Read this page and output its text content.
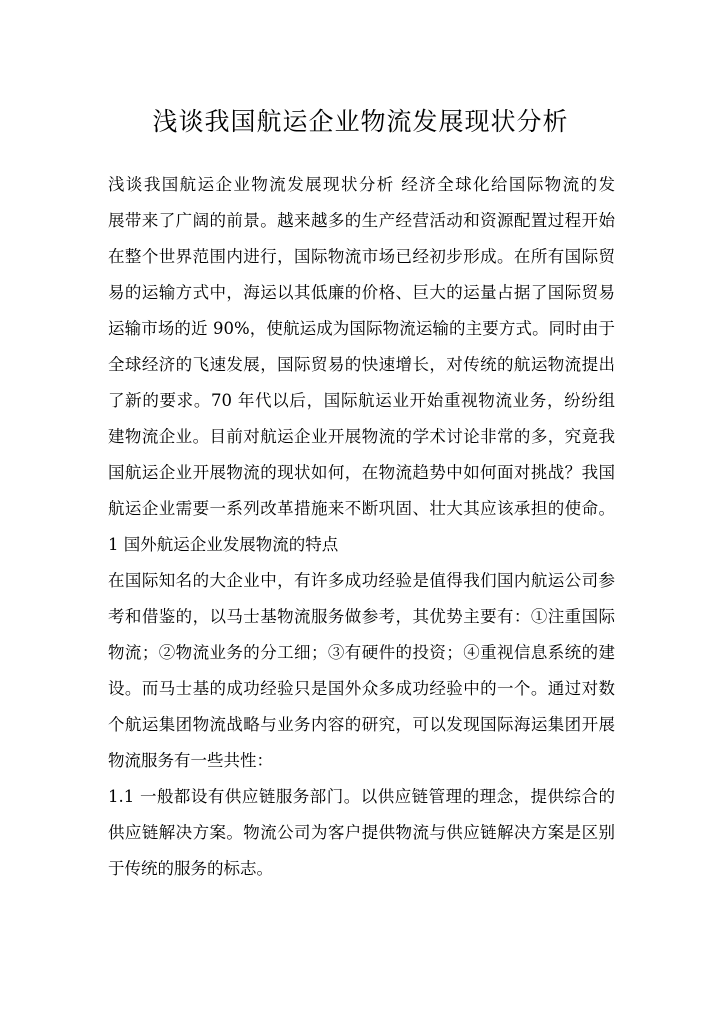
浅谈我国航运企业物流发展现状分析
浅谈我国航运企业物流发展现状分析 经济全球化给国际物流的发
展带来了广阔的前景。越来越多的生产经营活动和资源配置过程开始
在整个世界范围内进行，国际物流市场已经初步形成。在所有国际贸
易的运输方式中，海运以其低廉的价格、巨大的运量占据了国际贸易
运输市场的近 90%，使航运成为国际物流运输的主要方式。同时由于
全球经济的飞速发展，国际贸易的快速增长，对传统的航运物流提出
了新的要求。70 年代以后，国际航运业开始重视物流业务，纷纷组
建物流企业。目前对航运企业开展物流的学术讨论非常的多，究竟我
国航运企业开展物流的现状如何，在物流趋势中如何面对挑战？我国
航运企业需要一系列改革措施来不断巩固、壮大其应该承担的使命。
1 国外航运企业发展物流的特点
在国际知名的大企业中，有许多成功经验是值得我们国内航运公司参
考和借鉴的，以马士基物流服务做参考，其优势主要有：①注重国际
物流；②物流业务的分工细；③有硬件的投资；④重视信息系统的建
设。而马士基的成功经验只是国外众多成功经验中的一个。通过对数
个航运集团物流战略与业务内容的研究，可以发现国际海运集团开展
物流服务有一些共性：
1.1 一般都设有供应链服务部门。以供应链管理的理念，提供综合的
供应链解决方案。物流公司为客户提供物流与供应链解决方案是区别
于传统的服务的标志。
